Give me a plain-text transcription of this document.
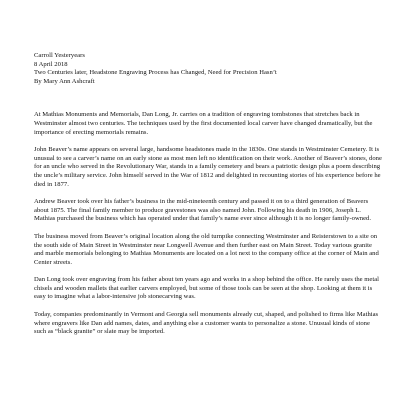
Carroll Yesteryears
8 April 2018
Two Centuries later, Headstone Engraving Process has Changed, Need for Precision Hasn’t
By Mary Ann Ashcraft

At Mathias Monuments and Memorials, Dan Long, Jr. carries on a tradition of engraving tombstones that stretches back in Westminster almost two centuries. The techniques used by the first documented local carver have changed dramatically, but the importance of erecting memorials remains.

John Beaver’s name appears on several large, handsome headstones made in the 1830s. One stands in Westminster Cemetery. It is unusual to see a carver’s name on an early stone as most men left no identification on their work. Another of Beaver’s stones, done for an uncle who served in the Revolutionary War, stands in a family cemetery and bears a patriotic design plus a poem describing the uncle’s military service. John himself served in the War of 1812 and delighted in recounting stories of his experience before he died in 1877.

Andrew Beaver took over his father’s business in the mid-nineteenth century and passed it on to a third generation of Beavers about 1875. The final family member to produce gravestones was also named John. Following his death in 1906, Joseph L. Mathias purchased the business which has operated under that family’s name ever since although it is no longer family-owned.

The business moved from Beaver’s original location along the old turnpike connecting Westminster and Reisterstown to a site on the south side of Main Street in Westminster near Longwell Avenue and then further east on Main Street. Today various granite and marble memorials belonging to Mathias Monuments are located on a lot next to the company office at the corner of Main and Center streets.

Dan Long took over engraving from his father about ten years ago and works in a shop behind the office. He rarely uses the metal chisels and wooden mallets that earlier carvers employed, but some of those tools can be seen at the shop. Looking at them it is easy to imagine what a labor-intensive job stonecarving was.

Today, companies predominantly in Vermont and Georgia sell monuments already cut, shaped, and polished to firms like Mathias where engravers like Dan add names, dates, and anything else a customer wants to personalize a stone. Unusual kinds of stone such as “black granite” or slate may be imported.
